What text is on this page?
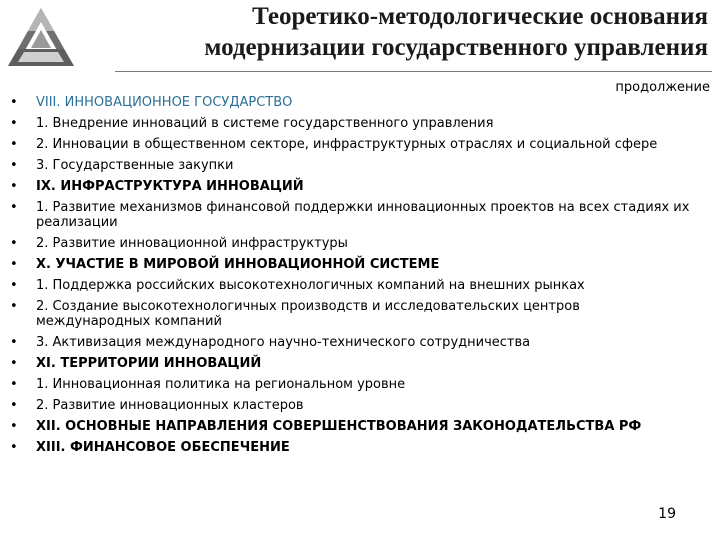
Теоретико-методологические основания
модернизации государственного управления
продолжение
• VIII. ИННОВАЦИОННОЕ ГОСУДАРСТВО
• 1. Внедрение инноваций в системе государственного управления
• 2. Инновации в общественном секторе, инфраструктурных отраслях и социальной сфере
• 3. Государственные закупки
• IX. ИНФРАСТРУКТУРА ИННОВАЦИЙ
• 1. Развитие механизмов финансовой поддержки инновационных проектов на всех стадиях их реализации
• 2. Развитие инновационной инфраструктуры
• X. УЧАСТИЕ В МИРОВОЙ ИННОВАЦИОННОЙ СИСТЕМЕ
• 1. Поддержка российских высокотехнологичных компаний на внешних рынках
• 2. Создание высокотехнологичных производств и исследовательских центров международных компаний
• 3. Активизация международного научно-технического сотрудничества
• XI. ТЕРРИТОРИИ ИННОВАЦИЙ
• 1. Инновационная политика на региональном уровне
• 2. Развитие инновационных кластеров
• XII. ОСНОВНЫЕ НАПРАВЛЕНИЯ СОВЕРШЕНСТВОВАНИЯ ЗАКОНОДАТЕЛЬСТВА РФ
• XIII. ФИНАНСОВОЕ ОБЕСПЕЧЕНИЕ
19
